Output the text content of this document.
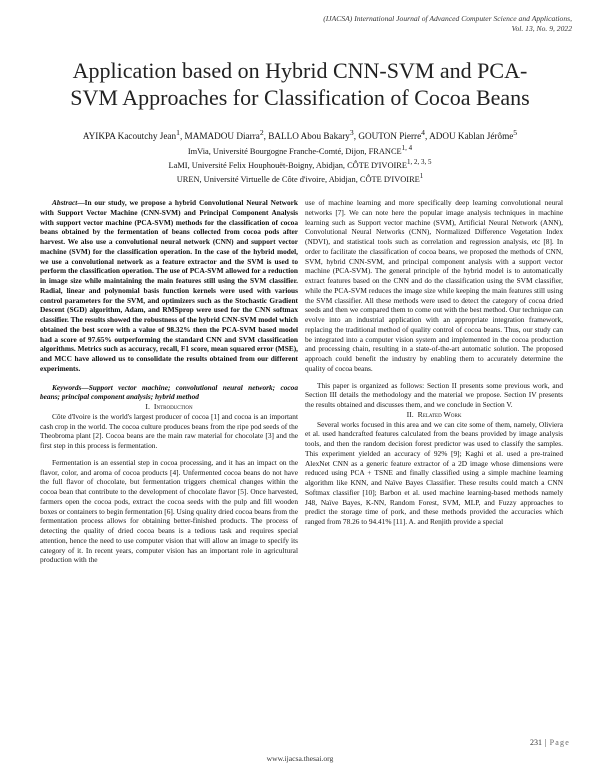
(IJACSA) International Journal of Advanced Computer Science and Applications,
Vol. 13, No. 9, 2022
Application based on Hybrid CNN-SVM and PCA-
SVM Approaches for Classification of Cocoa Beans
AYIKPA Kacoutchy Jean$^1$, MAMADOU Diarra$^2$, BALLO Abou Bakary$^3$, GOUTON Pierre$^4$, ADOU Kablan Jérôme$^5$
ImVia, Université Bourgogne Franche-Comté, Dijon, FRANCE$^{1, 4}$
LaMI, Université Felix Houphouët-Boigny, Abidjan, CÔTE D'IVOIRE$^{1, 2, 3, 5}$
UREN, Université Virtuelle de Côte d'ivoire, Abidjan, CÔTE D'IVOIRE$^1$

Abstract—In our study, we propose a hybrid Convolutional Neural Network with Support Vector Machine (CNN-SVM) and Principal Component Analysis with support vector machine (PCA-SVM) methods for the classification of cocoa beans obtained by the fermentation of beans collected from cocoa pods after harvest. We also use a convolutional neural network (CNN) and support vector machine (SVM) for the classification operation. In the case of the hybrid model, we use a convolutional network as a feature extractor and the SVM is used to perform the classification operation. The use of PCA-SVM allowed for a reduction in image size while maintaining the main features still using the SVM classifier. Radial, linear and polynomial basis function kernels were used with various control parameters for the SVM, and optimizers such as the Stochastic Gradient Descent (SGD) algorithm, Adam, and RMSprop were used for the CNN softmax classifier. The results showed the robustness of the hybrid CNN-SVM model which obtained the best score with a value of 98.32% then the PCA-SVM based model had a score of 97.65% outperforming the standard CNN and SVM classification algorithms. Metrics such as accuracy, recall, F1 score, mean squared error (MSE), and MCC have allowed us to consolidate the results obtained from our different experiments.

Keywords—Support vector machine; convolutional neural network; cocoa beans; principal component analysis; hybrid method

I. Introduction

Côte d'Ivoire is the world's largest producer of cocoa [1] and cocoa is an important cash crop in the world. The cocoa culture produces beans from the ripe pod seeds of the Theobroma plant [2]. Cocoa beans are the main raw material for chocolate [3] and the first step in this process is fermentation.

Fermentation is an essential step in cocoa processing, and it has an impact on the flavor, color, and aroma of cocoa products [4]. Unfermented cocoa beans do not have the full flavor of chocolate, but fermentation triggers chemical changes within the cocoa bean that contribute to the development of chocolate flavor [5]. Once harvested, farmers open the cocoa pods, extract the cocoa seeds with the pulp and fill wooden boxes or containers to begin fermentation [6]. Using quality dried cocoa beans from the fermentation process allows for obtaining better-finished products. The process of detecting the quality of dried cocoa beans is a tedious task and requires special attention, hence the need to use computer vision that will allow an image to specify its category of it. In recent years, computer vision has an important role in agricultural production with the

use of machine learning and more specifically deep learning convolutional neural networks [7]. We can note here the popular image analysis techniques in machine learning such as Support vector machine (SVM), Artificial Neural Network (ANN), Convolutional Neural Networks (CNN), Normalized Difference Vegetation Index (NDVI), and statistical tools such as correlation and regression analysis, etc [8]. In order to facilitate the classification of cocoa beans, we proposed the methods of CNN, SVM, hybrid CNN-SVM, and principal component analysis with a support vector machine (PCA-SVM). The general principle of the hybrid model is to automatically extract features based on the CNN and do the classification using the SVM classifier, while the PCA-SVM reduces the image size while keeping the main features still using the SVM classifier. All these methods were used to detect the category of cocoa dried seeds and then we compared them to come out with the best method. Our technique can evolve into an industrial application with an appropriate integration framework, replacing the traditional method of quality control of cocoa beans. Thus, our study can be integrated into a computer vision system and implemented in the cocoa production and processing chain, resulting in a state-of-the-art automatic solution. The proposed approach could benefit the industry by enabling them to accurately determine the quality of cocoa beans.

This paper is organized as follows: Section II presents some previous work, and Section III details the methodology and the material we propose. Section IV presents the results obtained and discusses them, and we conclude in Section V.

II. Related Work

Several works focused in this area and we can cite some of them, namely, Oliviera et al. used handcrafted features calculated from the beans provided by image analysis tools, and then the random decision forest predictor was used to classify the samples. This experiment yielded an accuracy of 92% [9]; Kaghi et al. used a pre-trained AlexNet CNN as a generic feature extractor of a 2D image whose dimensions were reduced using PCA + TSNE and finally classified using a simple machine learning algorithm like KNN, and Naïve Bayes Classifier. These results could match a CNN Softmax classifier [10]; Barbon et al. used machine learning-based methods namely J48, Naïve Bayes, K-NN, Random Forest, SVM, MLP, and Fuzzy approaches to predict the storage time of pork, and these methods provided the accuracies which ranged from 78.26 to 94.41% [11]. A. and Renjith provide a special

231 | Page
www.ijacsa.thesai.org
